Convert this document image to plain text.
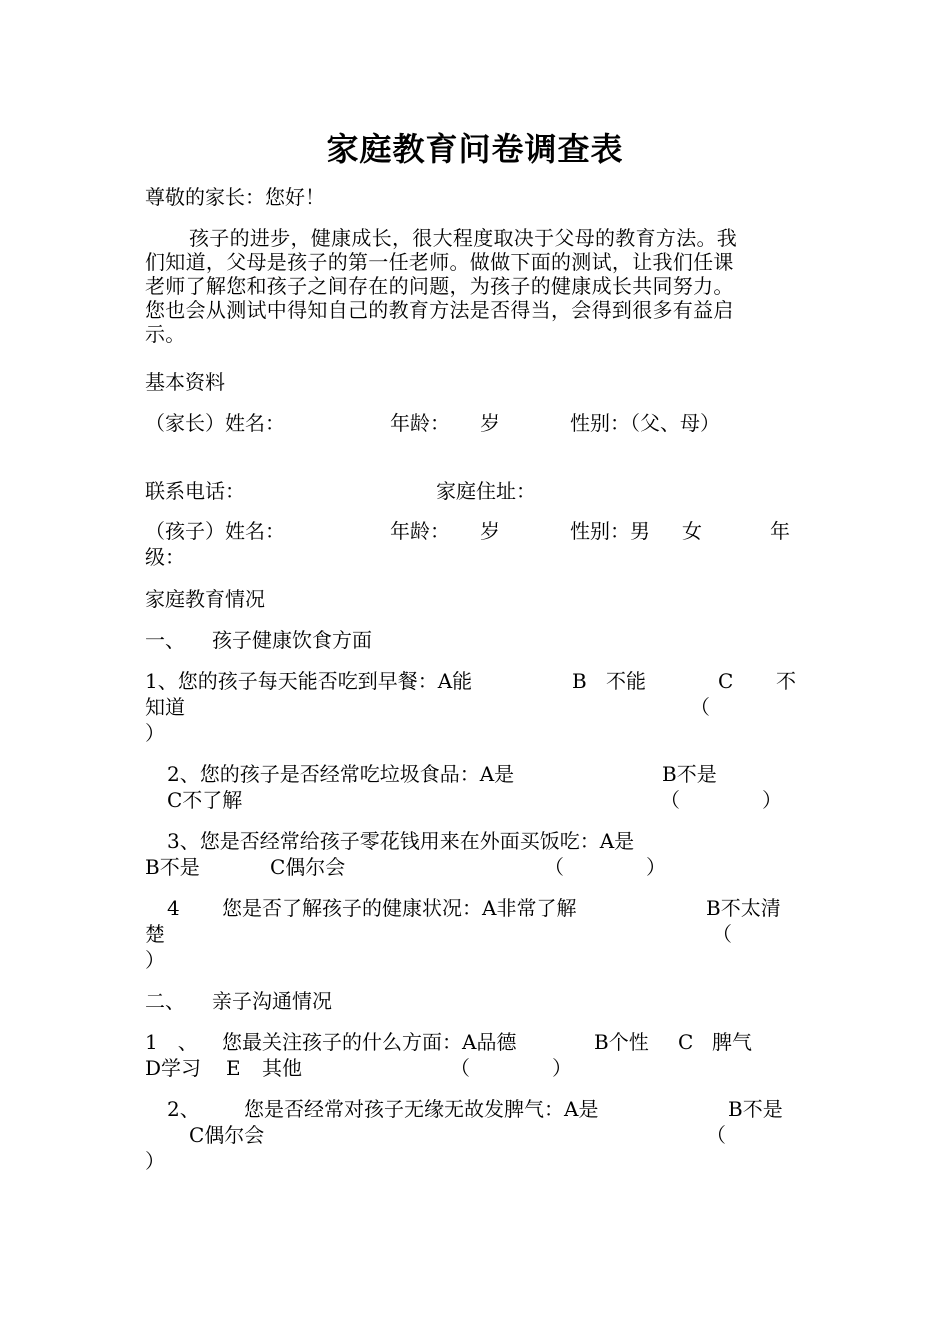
家庭教育问卷调查表
尊敬的家长：您好！
孩子的进步，健康成长，很大程度取决于父母的教育方法。我
们知道，父母是孩子的第一任老师。做做下面的测试，让我们任课
老师了解您和孩子之间存在的问题，为孩子的健康成长共同努力。
您也会从测试中得知自己的教育方法是否得当，会得到很多有益启
示。
基本资料
（家长）姓名：	年龄： 岁	性别：（父、母）
联系电话：	家庭住址：
（孩子）姓名：	年龄： 岁	性别：男 女	年
级：
家庭教育情况
一、 孩子健康饮食方面
1、您的孩子每天能否吃到早餐：A能	B 不能	C 不
知道	（
）
2、您的孩子是否经常吃垃圾食品：A是	B不是
C不了解	（	）
3、您是否经常给孩子零花钱用来在外面买饭吃：A是
B不是	C偶尔会	（	）
4 您是否了解孩子的健康状况：A非常了解	B不太清
楚	（
）
二、 亲子沟通情况
1　、 您最关注孩子的什么方面：A品德	B个性 C 脾气
D学习 E 其他	（	）
2、 您是否经常对孩子无缘无故发脾气：A是	B不是
C偶尔会	（
）
